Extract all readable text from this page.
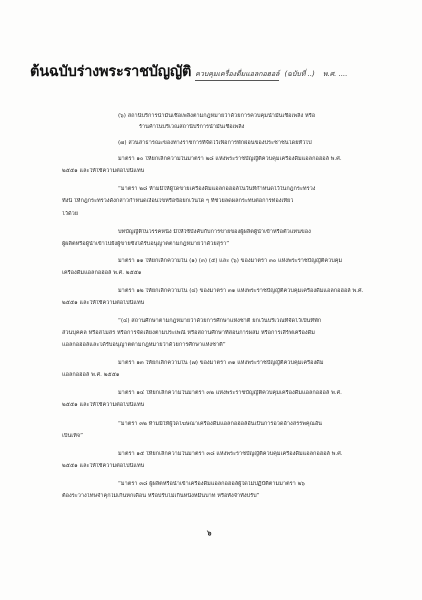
ต้นฉบับร่างพระราชบัญญัติ ควบคุมเครื่องดื่มแอลกอฮอล์ (ฉบับที่ ..) พ.ศ. ....
(๖) สถานีบริการน้ำมันเชื้อเพลิงตามกฎหมายว่าด้วยการควบคุมน้ำมันเชื้อเพลิง หรือ
ร้านค้าในบริเวณสถานีบริการน้ำมันเชื้อเพลิง
(๗) สวนสาธารณะของทางราชการที่จัดไว้เพื่อการพักผ่อนของประชาชนโดยทั่วไป
มาตรา ๑๐ ให้ยกเลิกความในมาตรา ๒๘ แห่งพระราชบัญญัติควบคุมเครื่องดื่มแอลกอฮอล์ พ.ศ.
๒๕๕๑ และให้ใช้ความต่อไปนี้แทน
“มาตรา ๒๘ ห้ามมิให้ผู้ใดขายเครื่องดื่มแอลกอฮอล์ในวันที่กำหนดไว้ในกฎกระทรวง
ทั้งนี้ ให้กฎกระทรวงดังกล่าวกำหนดเงื่อนไขหรือข้อยกเว้นใด ๆ ที่ช่วยลดผลกระทบต่อการท่องเที่ยว
ไว้ด้วย
บทบัญญัติในวรรคหนึ่ง มิให้ใช้บังคับกับการขายของผู้ผลิตผู้นำเข้าหรือตัวแทนของ
ผู้ผลิตหรือผู้นำเข้าไปยังผู้ขายซึ่งได้รับอนุญาตตามกฎหมายว่าด้วยสุรา”
มาตรา ๑๑ ให้ยกเลิกความใน (๑) (๓) (๕) และ (๖) ของมาตรา ๓๐ แห่งพระราชบัญญัติควบคุม
เครื่องดื่มแอลกอฮอล์ พ.ศ. ๒๕๕๑
มาตรา ๑๒ ให้ยกเลิกความใน (๔) ของมาตรา ๓๑ แห่งพระราชบัญญัติควบคุมเครื่องดื่มแอลกอฮอล์ พ.ศ.
๒๕๕๑ และให้ใช้ความต่อไปนี้แทน
“(๔) สถานศึกษาตามกฎหมายว่าด้วยการศึกษาแห่งชาติ ยกเว้นบริเวณที่จัดไว้เป็นที่พัก
ส่วนบุคคล หรือสโมสร หรือการจัดเลี้ยงตามประเพณี หรือสถานศึกษาที่สอนการผสม หรือการเสิร์ฟเครื่องดื่ม
แอลกอฮอล์และได้รับอนุญาตตามกฎหมายว่าด้วยการศึกษาแห่งชาติ”
มาตรา ๑๓ ให้ยกเลิกความใน (๗) ของมาตรา ๓๑ แห่งพระราชบัญญัติควบคุมเครื่องดื่ม
แอลกอฮอล์ พ.ศ. ๒๕๕๑
มาตรา ๑๔ ให้ยกเลิกความในมาตรา ๓๒ แห่งพระราชบัญญัติควบคุมเครื่องดื่มแอลกอฮอล์ พ.ศ.
๒๕๕๑ และให้ใช้ความต่อไปนี้แทน
“มาตรา ๓๒ ห้ามมิให้ผู้ใดโฆษณาเครื่องดื่มแอลกอฮอล์อันเป็นการอวดอ้างสรรพคุณอัน
เป็นเท็จ”
มาตรา ๑๕ ให้ยกเลิกความในมาตรา ๓๘ แห่งพระราชบัญญัติควบคุมเครื่องดื่มแอลกอฮอล์ พ.ศ.
๒๕๕๑ และให้ใช้ความต่อไปนี้แทน
“มาตรา ๓๘ ผู้ผลิตหรือนำเข้าเครื่องดื่มแอลกอฮอล์ผู้ใดไม่ปฏิบัติตามมาตรา ๒๖
ต้องระวางโทษจำคุกไม่เกินหกเดือน หรือปรับไม่เกินหนึ่งหมื่นบาท หรือทั้งจำทั้งปรับ”
๖
